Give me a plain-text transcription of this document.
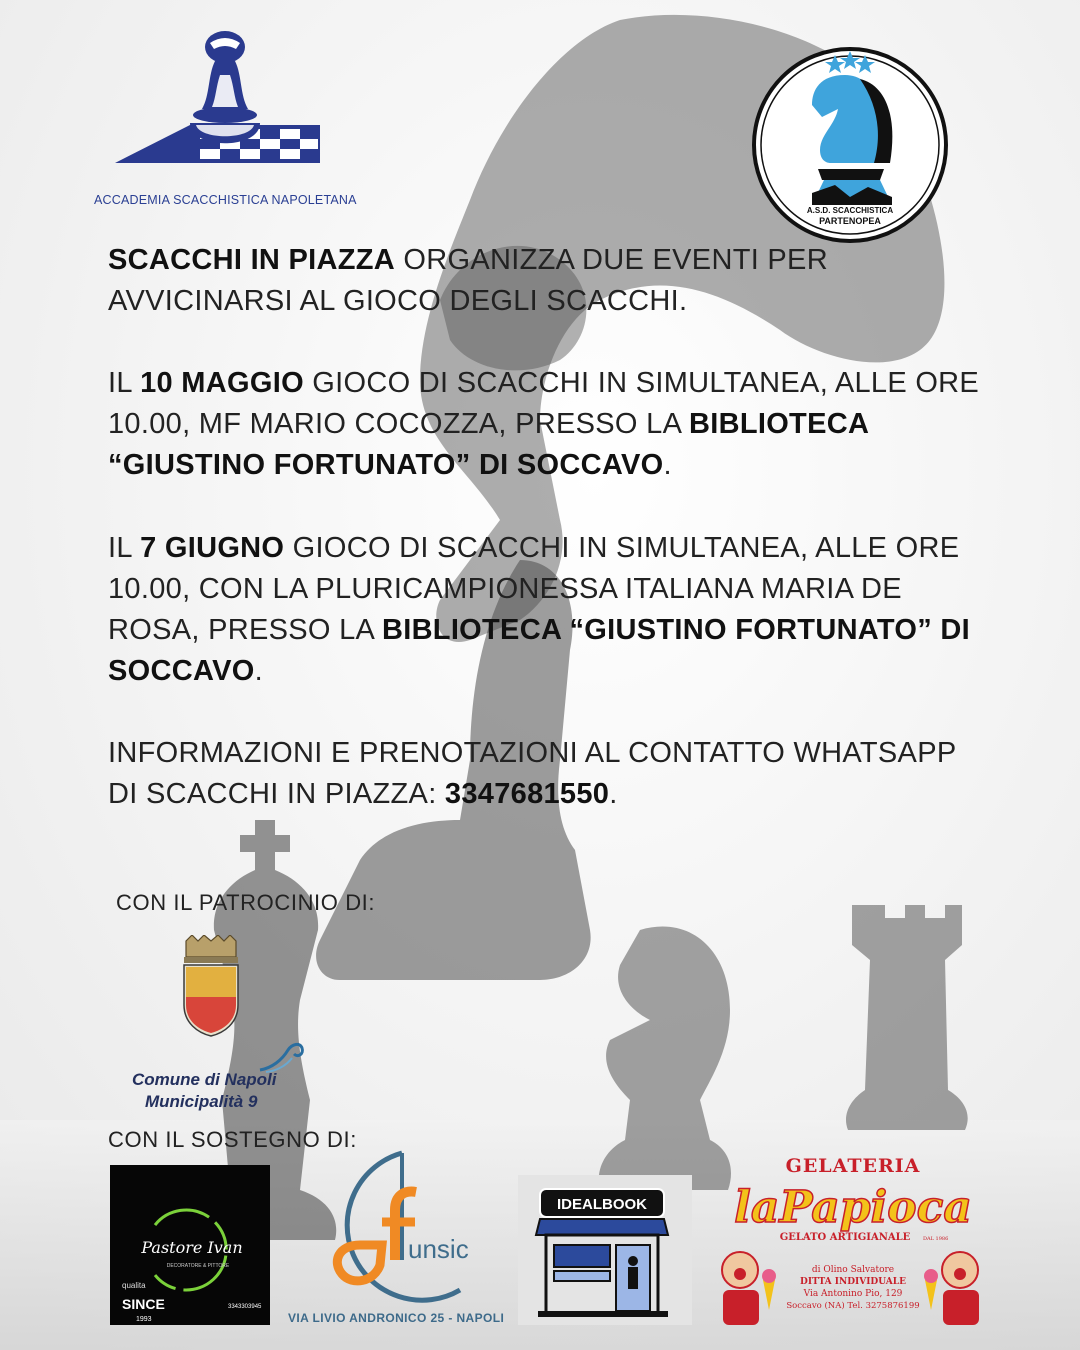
ACCADEMIA SCACCHISTICA NAPOLETANA
A.S.D. SCACCHISTICA
PARTENOPEA
SCACCHI IN PIAZZA ORGANIZZA DUE EVENTI PER AVVICINARSI AL GIOCO DEGLI SCACCHI.
IL 10 MAGGIO GIOCO DI SCACCHI IN SIMULTANEA, ALLE ORE 10.00, MF MARIO COCOZZA, PRESSO LA BIBLIOTECA “GIUSTINO FORTUNATO” DI SOCCAVO.
IL 7 GIUGNO GIOCO DI SCACCHI IN SIMULTANEA, ALLE ORE 10.00, CON LA PLURICAMPIONESSA ITALIANA MARIA DE ROSA, PRESSO LA BIBLIOTECA “GIUSTINO FORTUNATO” DI SOCCAVO.
INFORMAZIONI E PRENOTAZIONI AL CONTATTO WHATSAPP DI SCACCHI IN PIAZZA: 3347681550.
CON IL PATROCINIO DI:
Comune di Napoli
Municipalità 9
CON IL SOSTEGNO DI:
Pastore Ivan
DECORATORE & PITTORE
qualita
SINCE
1993
3343303945
unsic
VIA LIVIO ANDRONICO 25 - NAPOLI
IDEALBOOK
GELATERIA
laPapioca
GELATO ARTIGIANALE	DAL 1986
di Olino Salvatore
DITTA INDIVIDUALE
Via Antonino Pio, 129
Soccavo (NA) Tel. 3275876199
